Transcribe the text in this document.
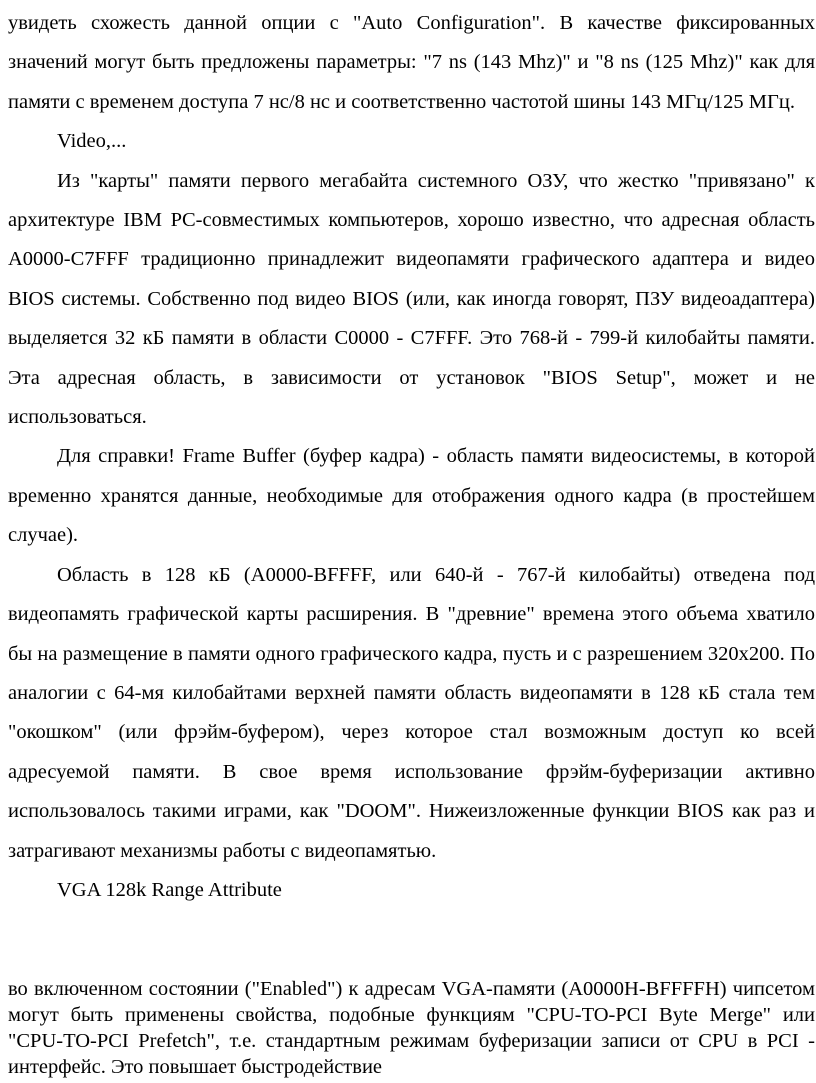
увидеть схожесть данной опции с "Auto Configuration". В качестве фиксированных значений могут быть предложены параметры: "7 ns (143 Mhz)" и "8 ns (125 Mhz)" как для памяти с временем доступа 7 нс/8 нс и соответственно частотой шины 143 МГц/125 МГц.

Video,...

Из "карты" памяти первого мегабайта системного ОЗУ, что жестко "привязано" к архитектуре IBM PC-совместимых компьютеров, хорошо известно, что адресная область A0000-C7FFF традиционно принадлежит видеопамяти графического адаптера и видео BIOS системы. Собственно под видео BIOS (или, как иногда говорят, ПЗУ видеоадаптера) выделяется 32 кБ памяти в области C0000 - C7FFF. Это 768-й - 799-й килобайты памяти. Эта адресная область, в зависимости от установок "BIOS Setup", может и не использоваться.

Для справки! Frame Buffer (буфер кадра) - область памяти видеосистемы, в которой временно хранятся данные, необходимые для отображения одного кадра (в простейшем случае).

Область в 128 кБ (A0000-BFFFF, или 640-й - 767-й килобайты) отведена под видеопамять графической карты расширения. В "древние" времена этого объема хватило бы на размещение в памяти одного графического кадра, пусть и с разрешением 320х200. По аналогии с 64-мя килобайтами верхней памяти область видеопамяти в 128 кБ стала тем "окошком" (или фрэйм-буфером), через которое стал возможным доступ ко всей адресуемой памяти. В свое время использование фрэйм-буферизации активно использовалось такими играми, как "DOOM". Нижеизложенные функции BIOS как раз и затрагивают механизмы работы с видеопамятью.

VGA 128k Range Attribute

во включенном состоянии ("Enabled") к адресам VGA-памяти (A0000H-BFFFFH) чипсетом могут быть применены свойства, подобные функциям "CPU-TO-PCI Byte Merge" или "CPU-TO-PCI Prefetch", т.е. стандартным режимам буферизации записи от CPU в PCI - интерфейс. Это повышает быстродействие
